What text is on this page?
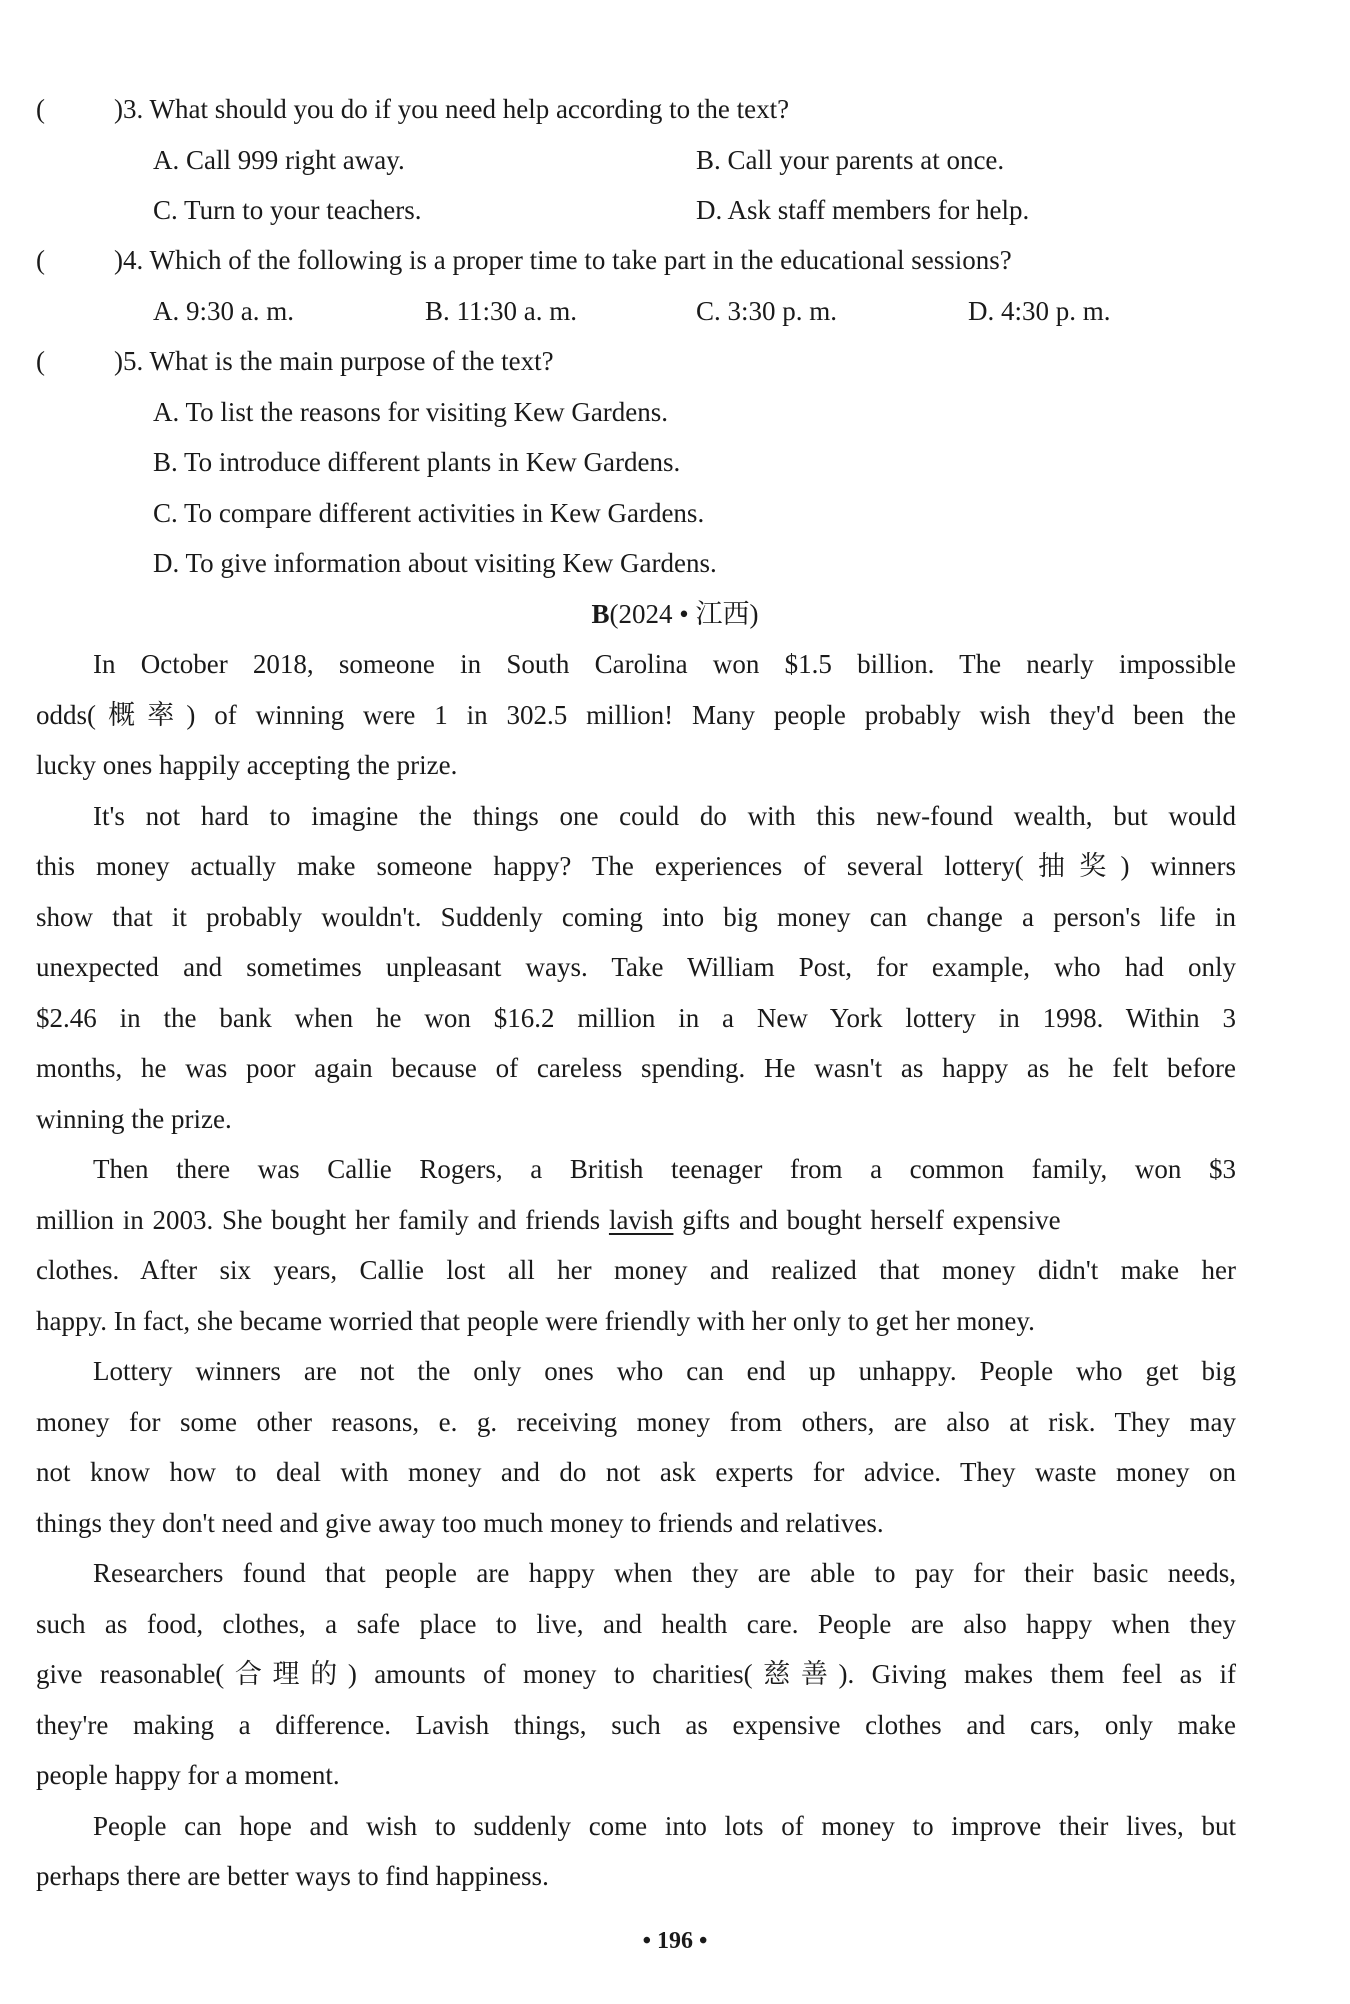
(	)3. What should you do if you need help according to the text?
A. Call 999 right away.	B. Call your parents at once.
C. Turn to your teachers.	D. Ask staff members for help.
(	)4. Which of the following is a proper time to take part in the educational sessions?
A. 9:30 a. m.	B. 11:30 a. m.	C. 3:30 p. m.	D. 4:30 p. m.
(	)5. What is the main purpose of the text?
A. To list the reasons for visiting Kew Gardens.
B. To introduce different plants in Kew Gardens.
C. To compare different activities in Kew Gardens.
D. To give information about visiting Kew Gardens.
B(2024 • 江西)
In October 2018, someone in South Carolina won $1.5 billion. The nearly impossible
odds(概率) of winning were 1 in 302.5 million! Many people probably wish they'd been the
lucky ones happily accepting the prize.
It's not hard to imagine the things one could do with this new-found wealth, but would
this money actually make someone happy? The experiences of several lottery(抽奖) winners
show that it probably wouldn't. Suddenly coming into big money can change a person's life in
unexpected and sometimes unpleasant ways. Take William Post, for example, who had only
$2.46 in the bank when he won $16.2 million in a New York lottery in 1998. Within 3
months, he was poor again because of careless spending. He wasn't as happy as he felt before
winning the prize.
Then there was Callie Rogers, a British teenager from a common family, won $3
million in 2003. She bought her family and friends lavish gifts and bought herself expensive
clothes. After six years, Callie lost all her money and realized that money didn't make her
happy. In fact, she became worried that people were friendly with her only to get her money.
Lottery winners are not the only ones who can end up unhappy. People who get big
money for some other reasons, e. g. receiving money from others, are also at risk. They may
not know how to deal with money and do not ask experts for advice. They waste money on
things they don't need and give away too much money to friends and relatives.
Researchers found that people are happy when they are able to pay for their basic needs,
such as food, clothes, a safe place to live, and health care. People are also happy when they
give reasonable(合理的) amounts of money to charities(慈善). Giving makes them feel as if
they're making a difference. Lavish things, such as expensive clothes and cars, only make
people happy for a moment.
People can hope and wish to suddenly come into lots of money to improve their lives, but
perhaps there are better ways to find happiness.
• 196 •
